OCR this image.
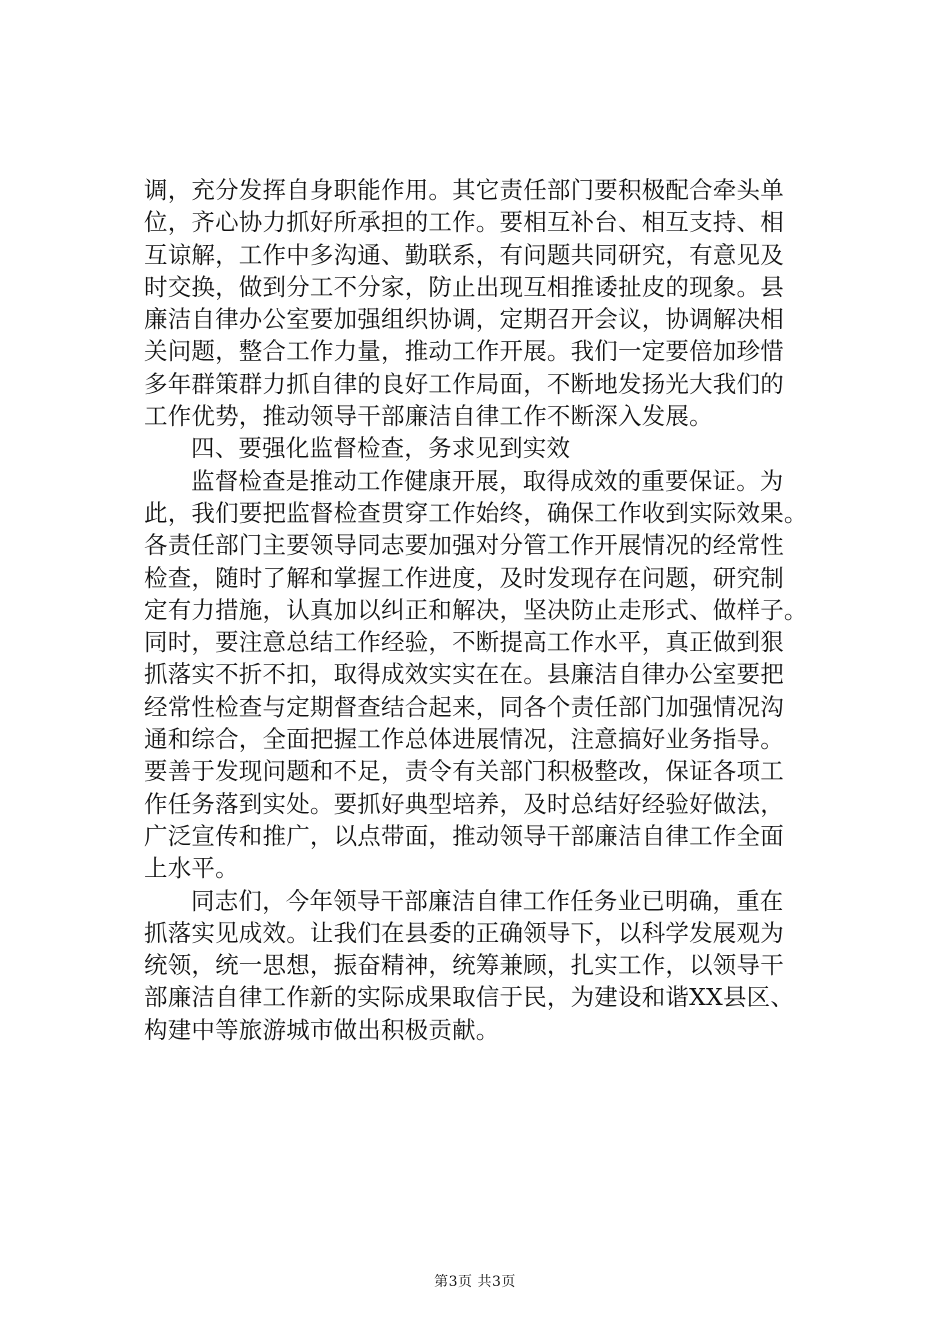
调，充分发挥自身职能作用。其它责任部门要积极配合牵头单
位，齐心协力抓好所承担的工作。要相互补台、相互支持、相
互谅解，工作中多沟通、勤联系，有问题共同研究，有意见及
时交换，做到分工不分家，防止出现互相推诿扯皮的现象。县
廉洁自律办公室要加强组织协调，定期召开会议，协调解决相
关问题，整合工作力量，推动工作开展。我们一定要倍加珍惜
多年群策群力抓自律的良好工作局面，不断地发扬光大我们的
工作优势，推动领导干部廉洁自律工作不断深入发展。
四、要强化监督检查，务求见到实效
监督检查是推动工作健康开展，取得成效的重要保证。为
此，我们要把监督检查贯穿工作始终，确保工作收到实际效果。
各责任部门主要领导同志要加强对分管工作开展情况的经常性
检查，随时了解和掌握工作进度，及时发现存在问题，研究制
定有力措施，认真加以纠正和解决，坚决防止走形式、做样子。
同时，要注意总结工作经验，不断提高工作水平，真正做到狠
抓落实不折不扣，取得成效实实在在。县廉洁自律办公室要把
经常性检查与定期督查结合起来，同各个责任部门加强情况沟
通和综合，全面把握工作总体进展情况，注意搞好业务指导。
要善于发现问题和不足，责令有关部门积极整改，保证各项工
作任务落到实处。要抓好典型培养，及时总结好经验好做法，
广泛宣传和推广，以点带面，推动领导干部廉洁自律工作全面
上水平。
同志们，今年领导干部廉洁自律工作任务业已明确，重在
抓落实见成效。让我们在县委的正确领导下，以科学发展观为
统领，统一思想，振奋精神，统筹兼顾，扎实工作，以领导干
部廉洁自律工作新的实际成果取信于民，为建设和谐XX县区、
构建中等旅游城市做出积极贡献。
第3页 共3页
